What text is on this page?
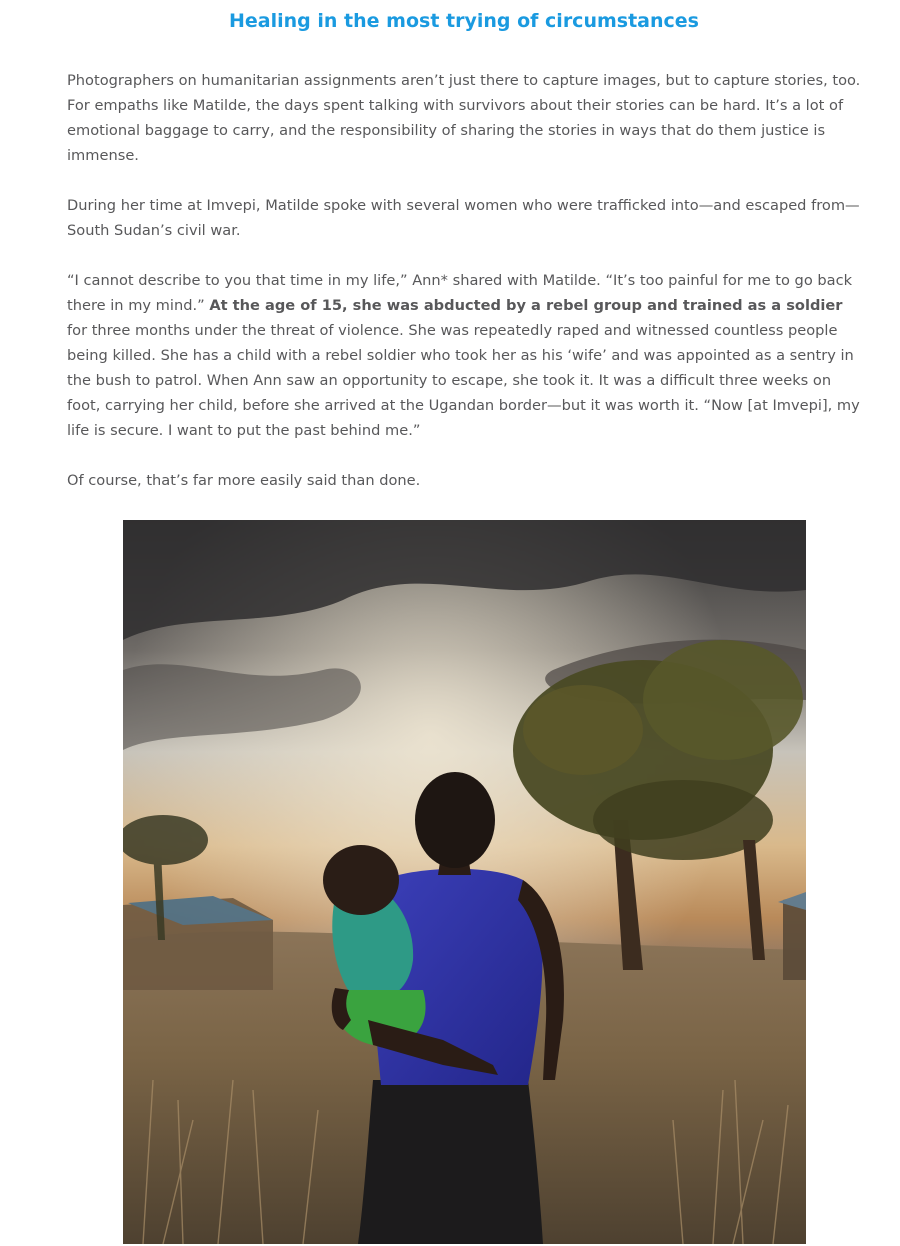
Healing in the most trying of circumstances

Photographers on humanitarian assignments aren’t just there to capture images, but to capture stories, too. For empaths like Matilde, the days spent talking with survivors about their stories can be hard. It’s a lot of emotional baggage to carry, and the responsibility of sharing the stories in ways that do them justice is immense.

During her time at Imvepi, Matilde spoke with several women who were trafficked into—and escaped from—South Sudan’s civil war.

“I cannot describe to you that time in my life,” Ann* shared with Matilde. “It’s too painful for me to go back there in my mind.” At the age of 15, she was abducted by a rebel group and trained as a soldier for three months under the threat of violence. She was repeatedly raped and witnessed countless people being killed. She has a child with a rebel soldier who took her as his ‘wife’ and was appointed as a sentry in the bush to patrol. When Ann saw an opportunity to escape, she took it. It was a difficult three weeks on foot, carrying her child, before she arrived at the Ugandan border—but it was worth it. “Now [at Imvepi], my life is secure. I want to put the past behind me.”

Of course, that’s far more easily said than done.
